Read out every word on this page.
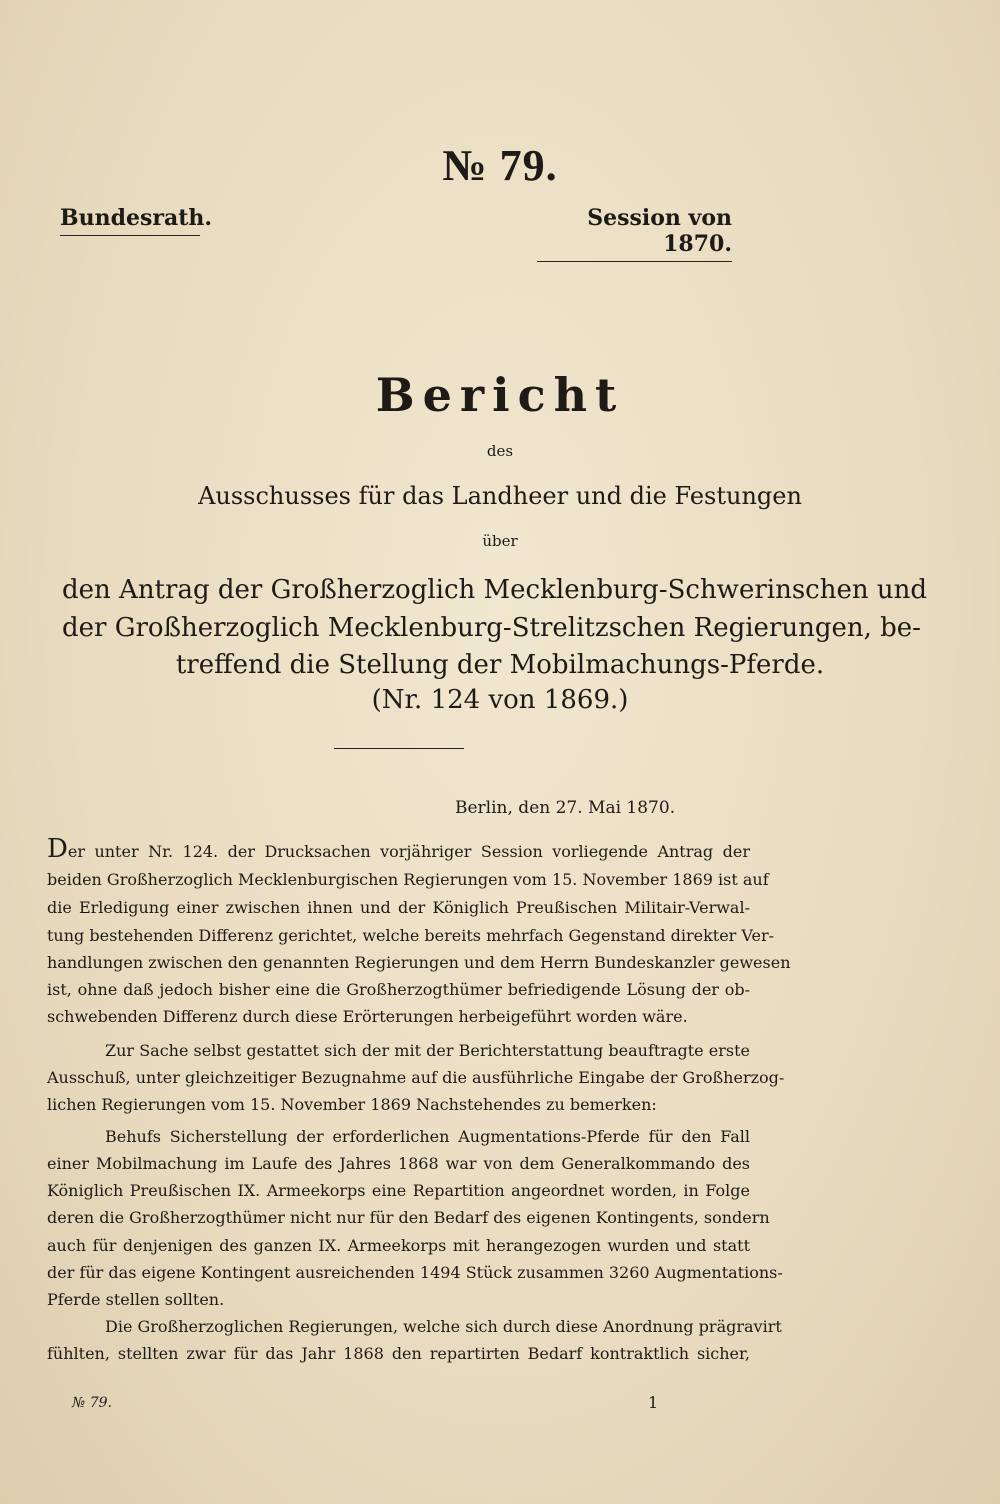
№ 79.
Bundesrath.	Session von 1870.
Bericht
des
Ausschusses für das Landheer und die Festungen
über
den Antrag der Großherzoglich Mecklenburg-Schwerinschen und
der Großherzoglich Mecklenburg-Strelitzschen Regierungen, be-
treffend die Stellung der Mobilmachungs-Pferde.
(Nr. 124 von 1869.)
Berlin, den 27. Mai 1870.
Der unter Nr. 124. der Drucksachen vorjähriger Session vorliegende Antrag der
beiden Großherzoglich Mecklenburgischen Regierungen vom 15. November 1869 ist auf
die Erledigung einer zwischen ihnen und der Königlich Preußischen Militair-Verwal-
tung bestehenden Differenz gerichtet, welche bereits mehrfach Gegenstand direkter Ver-
handlungen zwischen den genannten Regierungen und dem Herrn Bundeskanzler gewesen
ist, ohne daß jedoch bisher eine die Großherzogthümer befriedigende Lösung der ob-
schwebenden Differenz durch diese Erörterungen herbeigeführt worden wäre.
Zur Sache selbst gestattet sich der mit der Berichterstattung beauftragte erste
Ausschuß, unter gleichzeitiger Bezugnahme auf die ausführliche Eingabe der Großherzog-
lichen Regierungen vom 15. November 1869 Nachstehendes zu bemerken:
Behufs Sicherstellung der erforderlichen Augmentations-Pferde für den Fall
einer Mobilmachung im Laufe des Jahres 1868 war von dem Generalkommando des
Königlich Preußischen IX. Armeekorps eine Repartition angeordnet worden, in Folge
deren die Großherzogthümer nicht nur für den Bedarf des eigenen Kontingents, sondern
auch für denjenigen des ganzen IX. Armeekorps mit herangezogen wurden und statt
der für das eigene Kontingent ausreichenden 1494 Stück zusammen 3260 Augmentations-
Pferde stellen sollten.
Die Großherzoglichen Regierungen, welche sich durch diese Anordnung prägravirt
fühlten, stellten zwar für das Jahr 1868 den repartirten Bedarf kontraktlich sicher,
№ 79.	1
